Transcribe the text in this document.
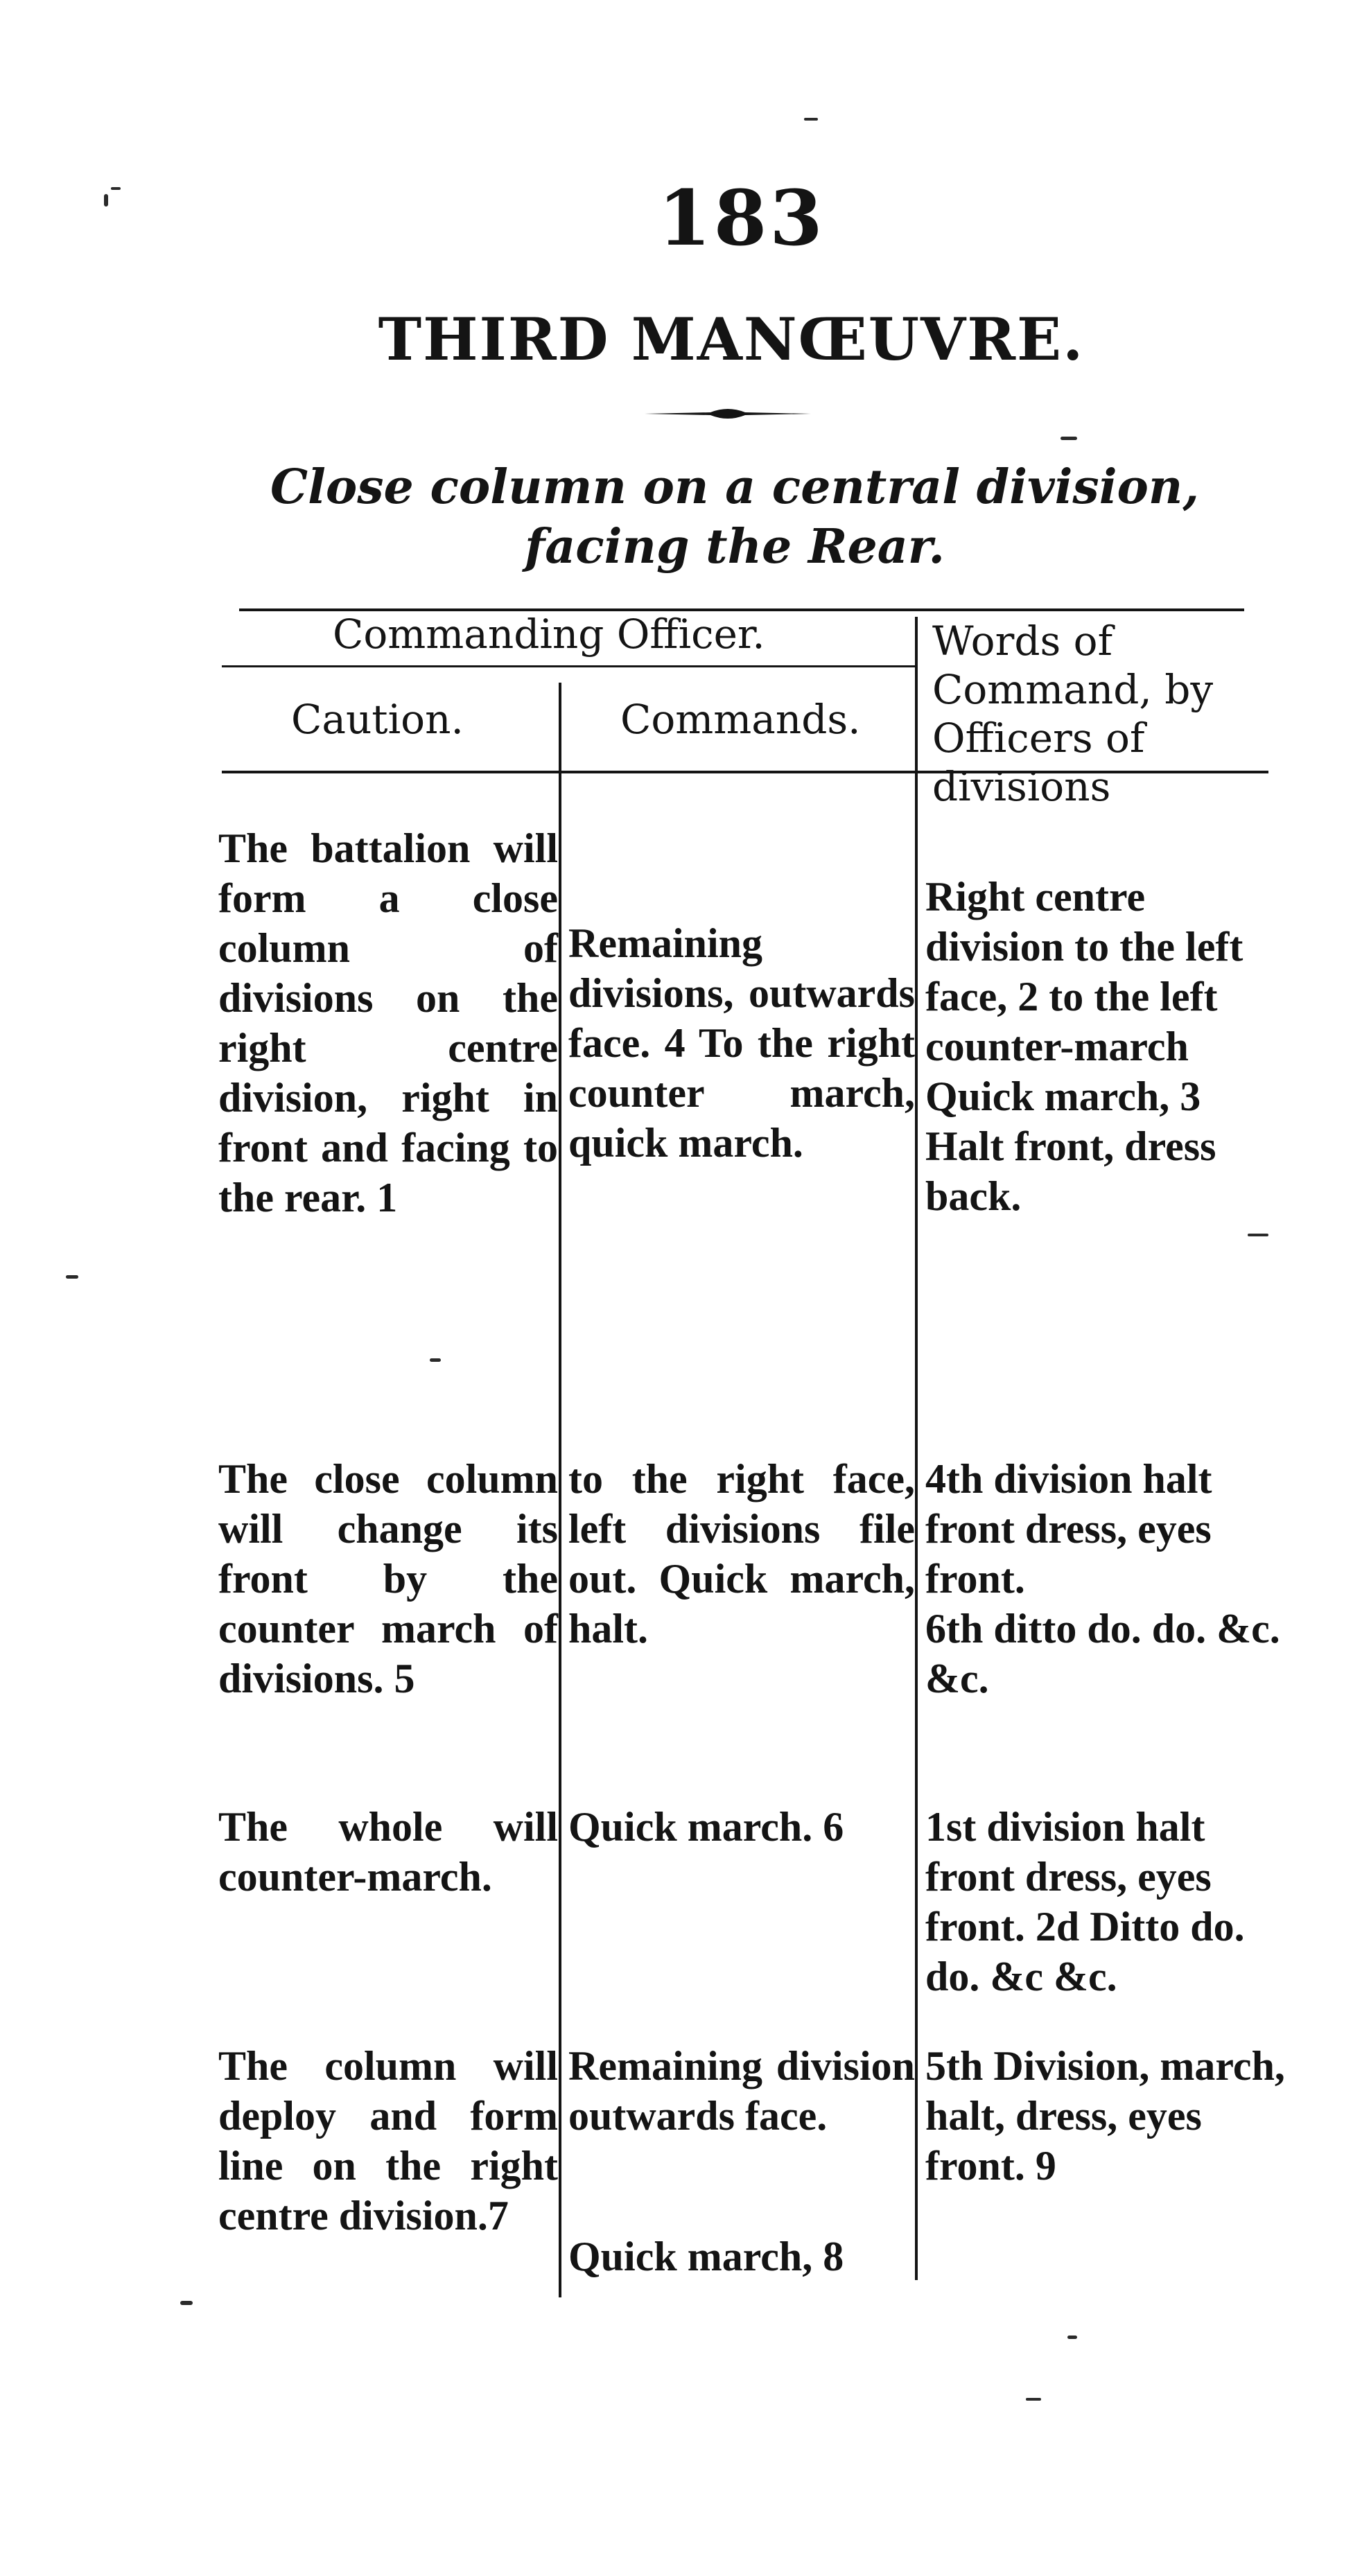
183
THIRD MANŒUVRE.
Close column on a central division, facing the Rear.
Commanding Officer.
Caution.	Commands.
Words of Command, by Officers of divisions
The battalion will form a close column of divisions on the right centre division, right in front and facing to the rear. 1
Remaining divisions, outwards face. 4 To the right counter march, quick march.
Right centre division to the left face, 2 to the left counter-march Quick march, 3 Halt front, dress back.
The close column will change its front by the counter march of divisions. 5
to the right face, left divisions file out. Quick march, halt.
4th division halt front dress, eyes front.
6th ditto do. do. &c. &c.
The whole will counter-march.
Quick march. 6	1st division halt front dress, eyes front. 2d Ditto do. do. &c &c.
The column will deploy and form line on the right centre division.7
Remaining division outwards face.
Quick march, 8
5th Division, march, halt, dress, eyes front. 9
